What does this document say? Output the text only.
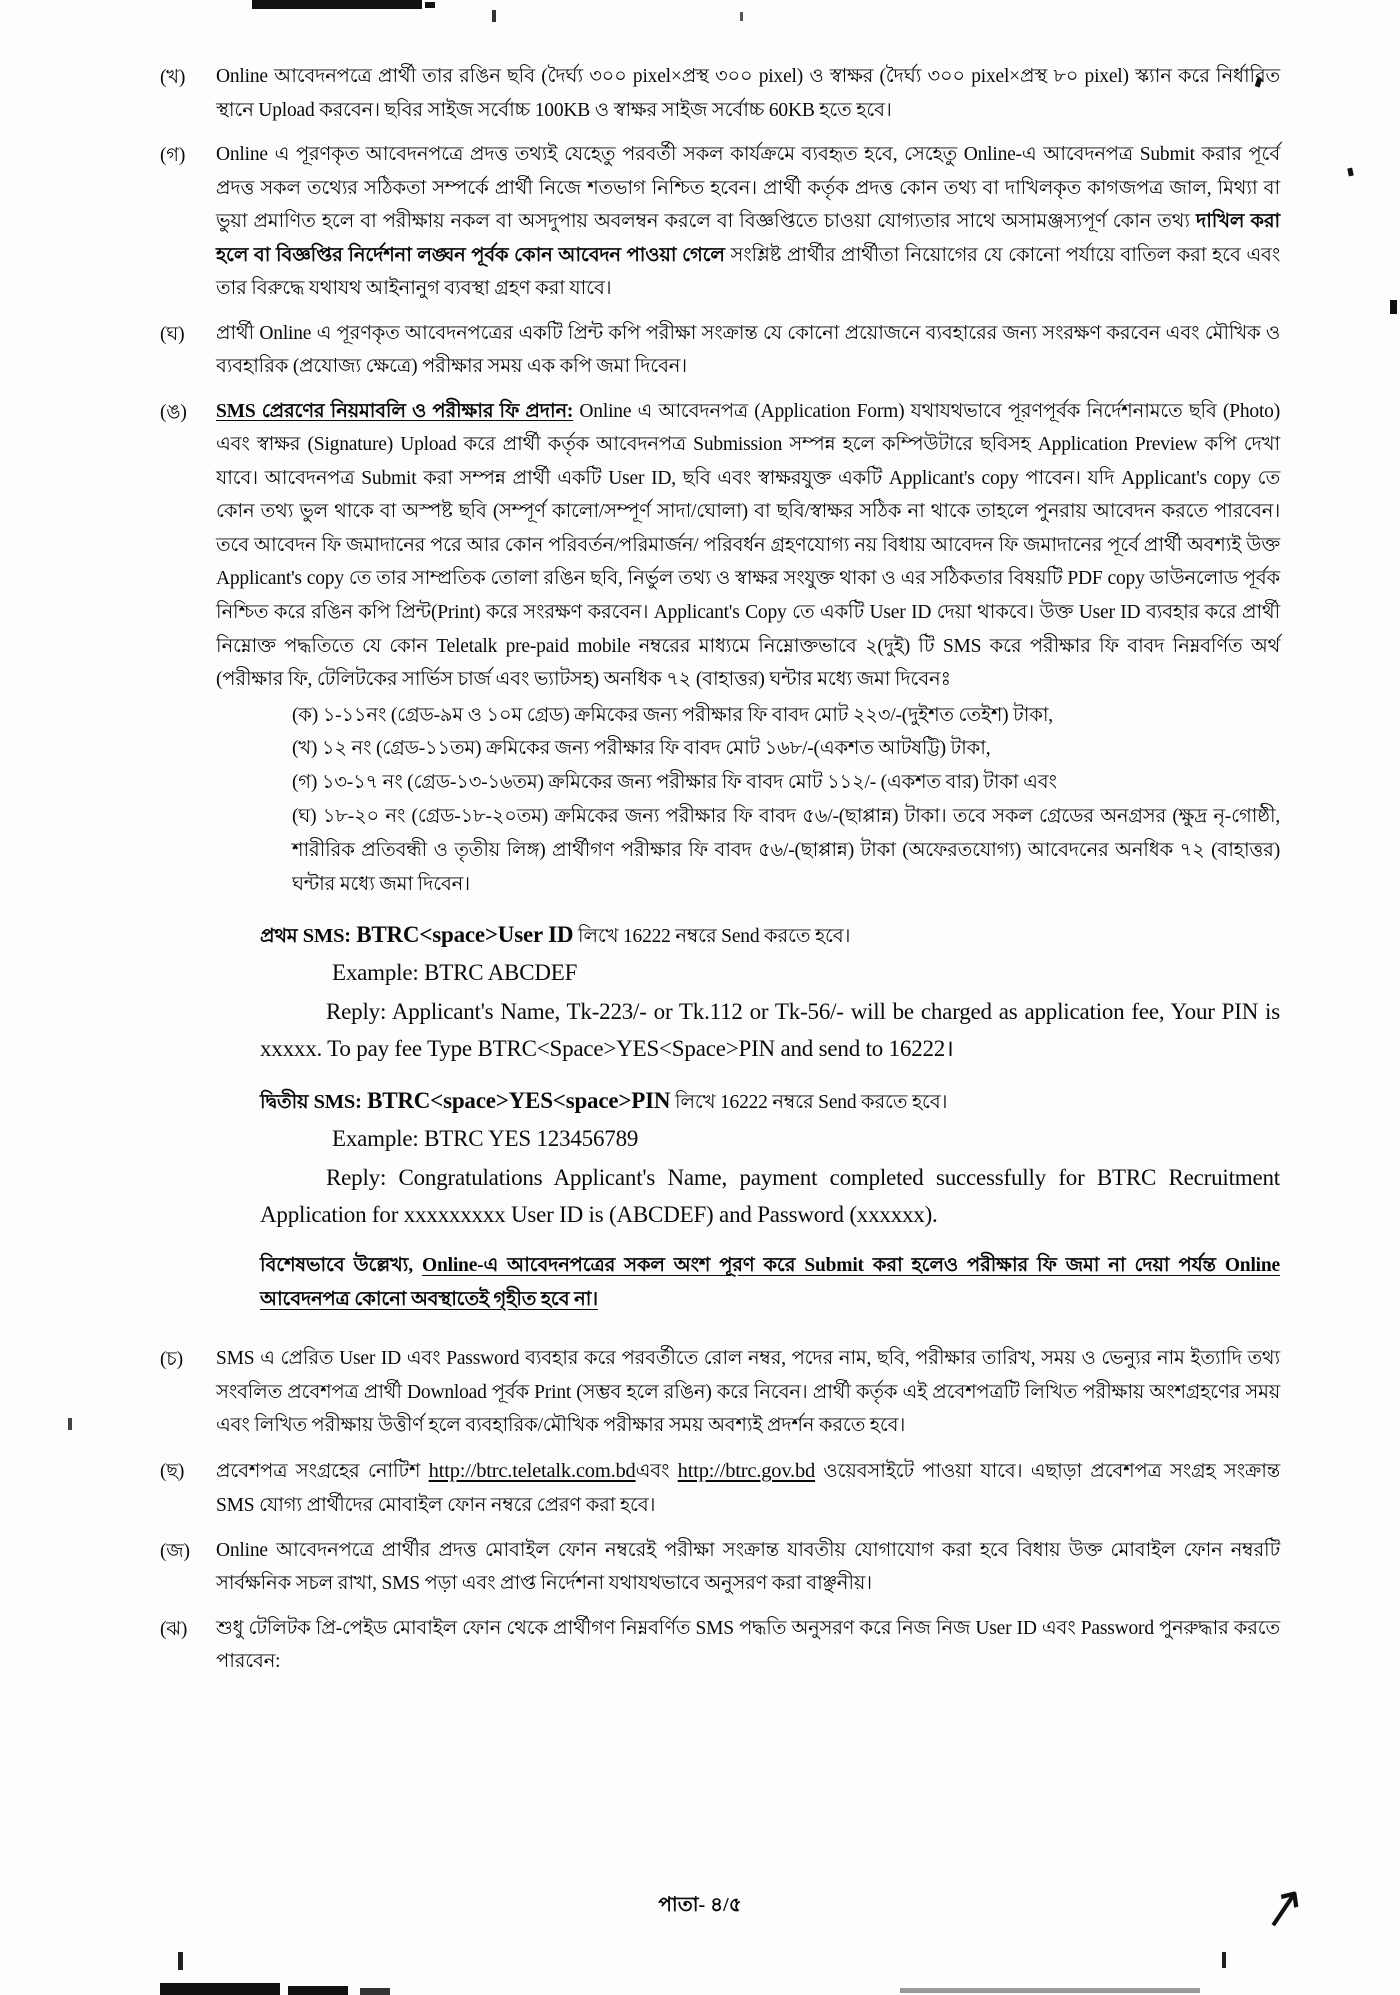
(খ)	Online আবেদনপত্রে প্রার্থী তার রঙিন ছবি (দৈর্ঘ্য ৩০০ pixel×প্রস্থ ৩০০ pixel) ও স্বাক্ষর (দৈর্ঘ্য ৩০০ pixel×প্রস্থ ৮০ pixel) স্ক্যান করে নির্ধারিত স্থানে Upload করবেন। ছবির সাইজ সর্বোচ্চ 100KB ও স্বাক্ষর সাইজ সর্বোচ্চ 60KB হতে হবে।
(গ)	Online এ পূরণকৃত আবেদনপত্রে প্রদত্ত তথ্যই যেহেতু পরবর্তী সকল কার্যক্রমে ব্যবহৃত হবে, সেহেতু Online-এ আবেদনপত্র Submit করার পূর্বে প্রদত্ত সকল তথ্যের সঠিকতা সম্পর্কে প্রার্থী নিজে শতভাগ নিশ্চিত হবেন। প্রার্থী কর্তৃক প্রদত্ত কোন তথ্য বা দাখিলকৃত কাগজপত্র জাল, মিথ্যা বা ভুয়া প্রমাণিত হলে বা পরীক্ষায় নকল বা অসদুপায় অবলম্বন করলে বা বিজ্ঞপ্তিতে চাওয়া যোগ্যতার সাথে অসামঞ্জস্যপূর্ণ কোন তথ্য দাখিল করা হলে বা বিজ্ঞপ্তির নির্দেশনা লঙ্ঘন পূর্বক কোন আবেদন পাওয়া গেলে সংশ্লিষ্ট প্রার্থীর প্রার্থীতা নিয়োগের যে কোনো পর্যায়ে বাতিল করা হবে এবং তার বিরুদ্ধে যথাযথ আইনানুগ ব্যবস্থা গ্রহণ করা যাবে।
(ঘ)	প্রার্থী Online এ পূরণকৃত আবেদনপত্রের একটি প্রিন্ট কপি পরীক্ষা সংক্রান্ত যে কোনো প্রয়োজনে ব্যবহারের জন্য সংরক্ষণ করবেন এবং মৌখিক ও ব্যবহারিক (প্রযোজ্য ক্ষেত্রে) পরীক্ষার সময় এক কপি জমা দিবেন।
(ঙ)	SMS প্রেরণের নিয়মাবলি ও পরীক্ষার ফি প্রদান: Online এ আবেদনপত্র (Application Form) যথাযথভাবে পূরণপূর্বক নির্দেশনামতে ছবি (Photo) এবং স্বাক্ষর (Signature) Upload করে প্রার্থী কর্তৃক আবেদনপত্র Submission সম্পন্ন হলে কম্পিউটারে ছবিসহ Application Preview কপি দেখা যাবে। আবেদনপত্র Submit করা সম্পন্ন প্রার্থী একটি User ID, ছবি এবং স্বাক্ষরযুক্ত একটি Applicant's copy পাবেন। যদি Applicant's copy তে কোন তথ্য ভুল থাকে বা অস্পষ্ট ছবি (সম্পূর্ণ কালো/সম্পূর্ণ সাদা/ঘোলা) বা ছবি/স্বাক্ষর সঠিক না থাকে তাহলে পুনরায় আবেদন করতে পারবেন। তবে আবেদন ফি জমাদানের পরে আর কোন পরিবর্তন/পরিমার্জন/ পরিবর্ধন গ্রহণযোগ্য নয় বিধায় আবেদন ফি জমাদানের পূর্বে প্রার্থী অবশ্যই উক্ত Applicant's copy তে তার সাম্প্রতিক তোলা রঙিন ছবি, নির্ভুল তথ্য ও স্বাক্ষর সংযুক্ত থাকা ও এর সঠিকতার বিষয়টি PDF copy ডাউনলোড পূর্বক নিশ্চিত করে রঙিন কপি প্রিন্ট(Print) করে সংরক্ষণ করবেন। Applicant's Copy তে একটি User ID দেয়া থাকবে। উক্ত User ID ব্যবহার করে প্রার্থী নিম্নোক্ত পদ্ধতিতে যে কোন Teletalk pre-paid mobile নম্বরের মাধ্যমে নিম্নোক্তভাবে ২(দুই) টি SMS করে পরীক্ষার ফি বাবদ নিম্নবর্ণিত অর্থ (পরীক্ষার ফি, টেলিটকের সার্ভিস চার্জ এবং ভ্যাটসহ) অনধিক ৭২ (বাহাত্তর) ঘন্টার মধ্যে জমা দিবেনঃ
(ক) ১-১১নং (গ্রেড-৯ম ও ১০ম গ্রেড) ক্রমিকের জন্য পরীক্ষার ফি বাবদ মোট ২২৩/-(দুইশত তেইশ) টাকা,
(খ) ১২ নং (গ্রেড-১১তম) ক্রমিকের জন্য পরীক্ষার ফি বাবদ মোট ১৬৮/-(একশত আটষট্টি) টাকা,
(গ) ১৩-১৭ নং (গ্রেড-১৩-১৬তম) ক্রমিকের জন্য পরীক্ষার ফি বাবদ মোট ১১২/- (একশত বার) টাকা এবং
(ঘ) ১৮-২০ নং (গ্রেড-১৮-২০তম) ক্রমিকের জন্য পরীক্ষার ফি বাবদ ৫৬/-(ছাপ্পান্ন) টাকা। তবে সকল গ্রেডের অনগ্রসর (ক্ষুদ্র নৃ-গোষ্ঠী, শারীরিক প্রতিবন্ধী ও তৃতীয় লিঙ্গ) প্রার্থীগণ পরীক্ষার ফি বাবদ ৫৬/-(ছাপ্পান্ন) টাকা (অফেরতযোগ্য) আবেদনের অনধিক ৭২ (বাহাত্তর) ঘন্টার মধ্যে জমা দিবেন।
প্রথম SMS: BTRC<space>User ID লিখে 16222 নম্বরে Send করতে হবে।
Example: BTRC ABCDEF
Reply: Applicant's Name, Tk-223/- or Tk.112 or Tk-56/- will be charged as application fee, Your PIN is xxxxx. To pay fee Type BTRC<Space>YES<Space>PIN and send to 16222।
দ্বিতীয় SMS: BTRC<space>YES<space>PIN লিখে 16222 নম্বরে Send করতে হবে।
Example: BTRC YES 123456789
Reply: Congratulations Applicant's Name, payment completed successfully for BTRC Recruitment Application for xxxxxxxxx User ID is (ABCDEF) and Password (xxxxxx).
বিশেষভাবে উল্লেখ্য, Online-এ আবেদনপত্রের সকল অংশ পূরণ করে Submit করা হলেও পরীক্ষার ফি জমা না দেয়া পর্যন্ত Online আবেদনপত্র কোনো অবস্থাতেই গৃহীত হবে না।
(চ)	SMS এ প্রেরিত User ID এবং Password ব্যবহার করে পরবর্তীতে রোল নম্বর, পদের নাম, ছবি, পরীক্ষার তারিখ, সময় ও ভেন্যুর নাম ইত্যাদি তথ্য সংবলিত প্রবেশপত্র প্রার্থী Download পূর্বক Print (সম্ভব হলে রঙিন) করে নিবেন। প্রার্থী কর্তৃক এই প্রবেশপত্রটি লিখিত পরীক্ষায় অংশগ্রহণের সময় এবং লিখিত পরীক্ষায় উত্তীর্ণ হলে ব্যবহারিক/মৌখিক পরীক্ষার সময় অবশ্যই প্রদর্শন করতে হবে।
(ছ)	প্রবেশপত্র সংগ্রহের নোটিশ http://btrc.teletalk.com.bdএবং http://btrc.gov.bd ওয়েবসাইটে পাওয়া যাবে। এছাড়া প্রবেশপত্র সংগ্রহ সংক্রান্ত SMS যোগ্য প্রার্থীদের মোবাইল ফোন নম্বরে প্রেরণ করা হবে।
(জ)	Online আবেদনপত্রে প্রার্থীর প্রদত্ত মোবাইল ফোন নম্বরেই পরীক্ষা সংক্রান্ত যাবতীয় যোগাযোগ করা হবে বিধায় উক্ত মোবাইল ফোন নম্বরটি সার্বক্ষনিক সচল রাখা, SMS পড়া এবং প্রাপ্ত নির্দেশনা যথাযথভাবে অনুসরণ করা বাঞ্ছনীয়।
(ঝ)	শুধু টেলিটক প্রি-পেইড মোবাইল ফোন থেকে প্রার্থীগণ নিম্নবর্ণিত SMS পদ্ধতি অনুসরণ করে নিজ নিজ User ID এবং Password পুনরুদ্ধার করতে পারবেন:
পাতা- ৪/৫	↗
